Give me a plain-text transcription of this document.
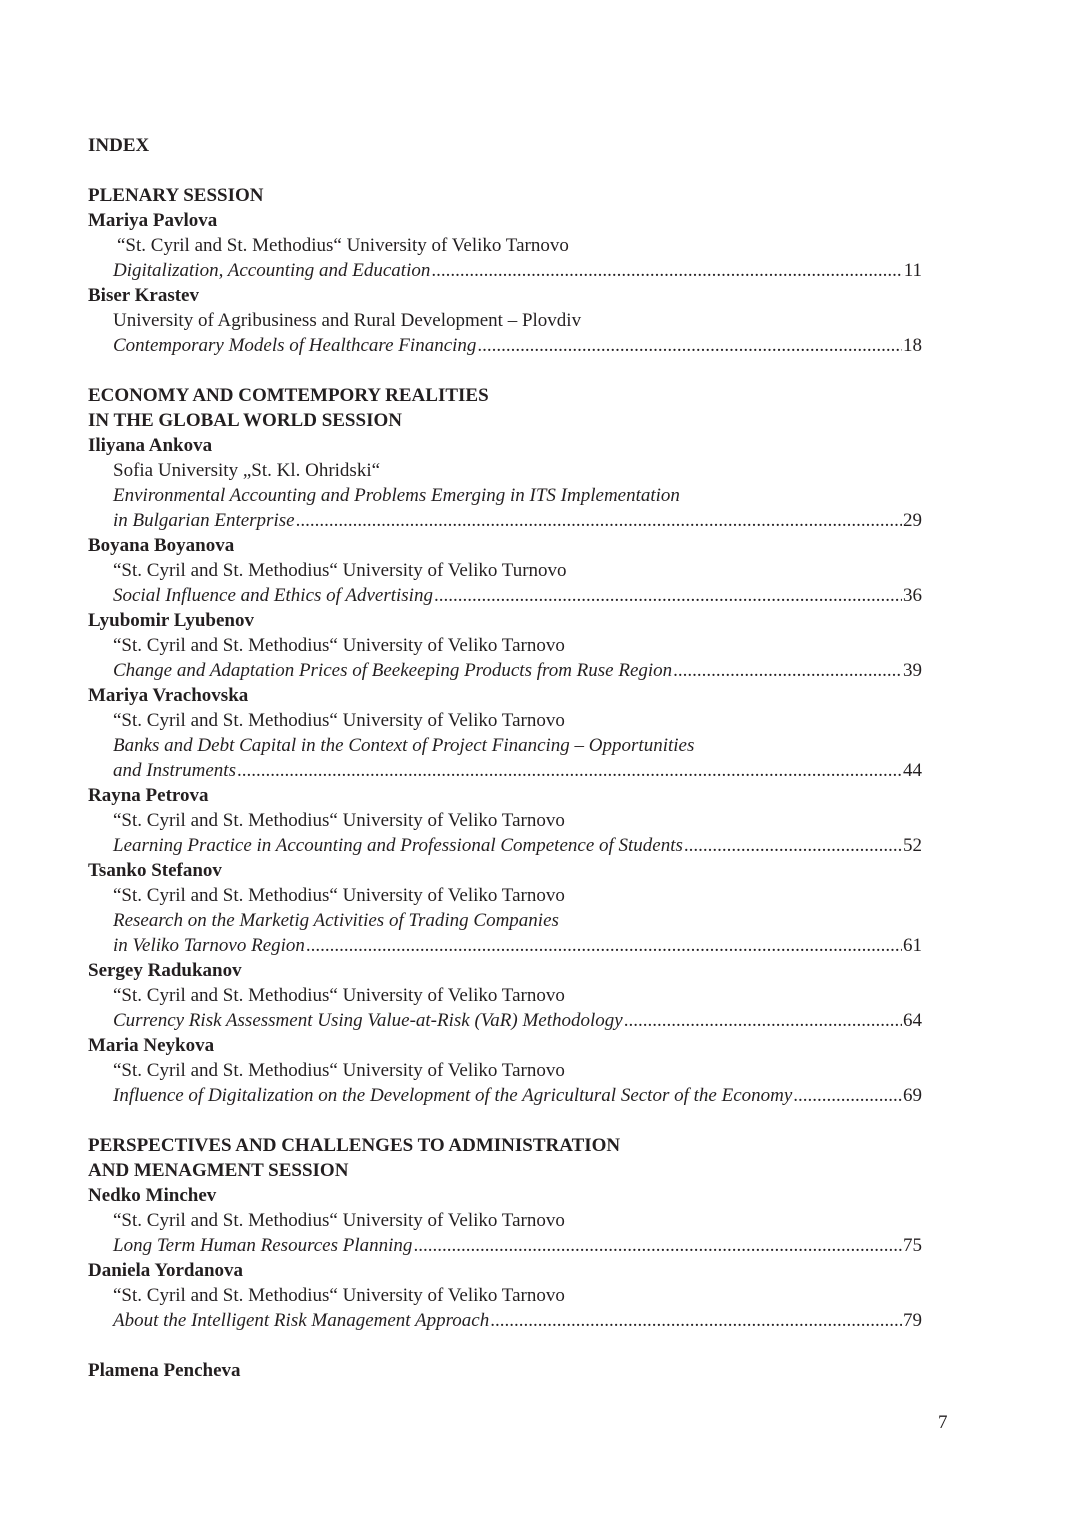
INDEX
PLENARY SESSION
Mariya Pavlova
“St. Cyril and St. Methodius“ University of Veliko Tarnovo
Digitalization, Accounting and Education .....	11
Biser Krastev
University of Agribusiness and Rural Development – Plovdiv
Contemporary Models of Healthcare Financing .....	18
ECONOMY AND COMTEMPORY REALITIES
IN THE GLOBAL WORLD SESSION
Iliyana Ankova
Sofia University „St. Kl. Ohridski“
Environmental Accounting and Problems Emerging in ITS Implementation
in Bulgarian Enterprise .....	29
Boyana Boyanova
“St. Cyril and St. Methodius“ University of Veliko Turnovo
Social Influence and Ethics of Advertising .....	36
Lyubomir Lyubenov
“St. Cyril and St. Methodius“ University of Veliko Tarnovo
Change and Adaptation Prices of Beekeeping Products from Ruse Region .....	39
Mariya Vrachovska
“St. Cyril and St. Methodius“ University of Veliko Tarnovo
Banks and Debt Capital in the Context of Project Financing – Opportunities
and Instruments .....	44
Rayna Petrova
“St. Cyril and St. Methodius“ University of Veliko Tarnovo
Learning Practice in Accounting and Professional Competence of Students .....	52
Tsanko Stefanov
“St. Cyril and St. Methodius“ University of Veliko Tarnovo
Research on the Marketig Activities of Trading Companies
in Veliko Tarnovo Region .....	61
Sergey Radukanov
“St. Cyril and St. Methodius“ University of Veliko Tarnovo
Currency Risk Assessment Using Value-at-Risk (VaR) Methodology .....	64
Maria Neykova
“St. Cyril and St. Methodius“ University of Veliko Tarnovo
Influence of Digitalization on the Development of the Agricultural Sector of the Economy .....	69
PERSPECTIVES AND CHALLENGES TO ADMINISTRATION
AND MENAGMENT SESSION
Nedko Minchev
“St. Cyril and St. Methodius“ University of Veliko Tarnovo
Long Term Human Resources Planning .....	75
Daniela Yordanova
“St. Cyril and St. Methodius“ University of Veliko Tarnovo
About the Intelligent Risk Management Approach .....	79
Plamena Pencheva
7
